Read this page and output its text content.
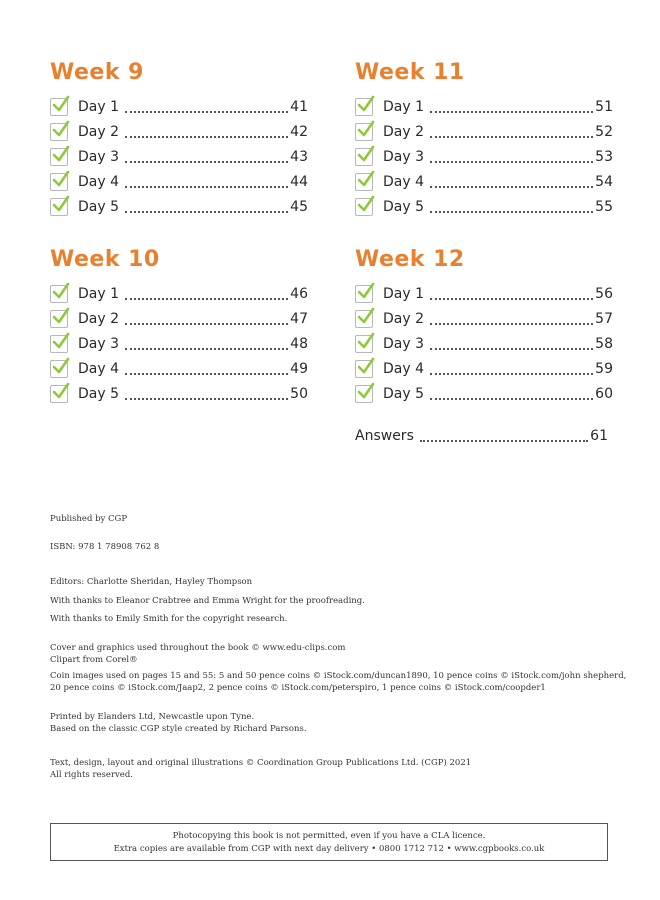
Week 9
Day 1	41
Day 2	42
Day 3	43
Day 4	44
Day 5	45
Week 11
Day 1	51
Day 2	52
Day 3	53
Day 4	54
Day 5	55
Week 10
Day 1	46
Day 2	47
Day 3	48
Day 4	49
Day 5	50
Week 12
Day 1	56
Day 2	57
Day 3	58
Day 4	59
Day 5	60
Answers	61
Published by CGP
ISBN: 978 1 78908 762 8
Editors: Charlotte Sheridan, Hayley Thompson
With thanks to Eleanor Crabtree and Emma Wright for the proofreading.
With thanks to Emily Smith for the copyright research.
Cover and graphics used throughout the book © www.edu-clips.com
Clipart from Corel®
Coin images used on pages 15 and 55: 5 and 50 pence coins © iStock.com/duncan1890, 10 pence coins © iStock.com/john shepherd,
20 pence coins © iStock.com/Jaap2, 2 pence coins © iStock.com/peterspiro, 1 pence coins © iStock.com/coopder1
Printed by Elanders Ltd, Newcastle upon Tyne.
Based on the classic CGP style created by Richard Parsons.
Text, design, layout and original illustrations © Coordination Group Publications Ltd. (CGP) 2021
All rights reserved.
Photocopying this book is not permitted, even if you have a CLA licence.
Extra copies are available from CGP with next day delivery • 0800 1712 712 • www.cgpbooks.co.uk
